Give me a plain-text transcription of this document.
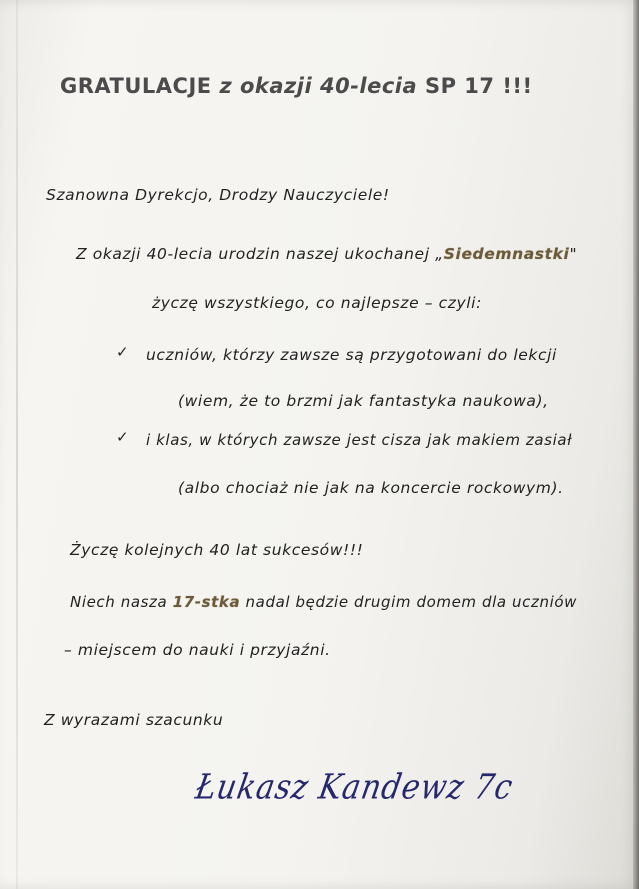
GRATULACJE z okazji 40-lecia SP 17 !!!
Szanowna Dyrekcjo, Drodzy Nauczyciele!
Z okazji 40-lecia urodzin naszej ukochanej „Siedemnastki"
życzę wszystkiego, co najlepsze – czyli:
✓ uczniów, którzy zawsze są przygotowani do lekcji
(wiem, że to brzmi jak fantastyka naukowa),
✓ i klas, w których zawsze jest cisza jak makiem zasiał
(albo chociaż nie jak na koncercie rockowym).
Życzę kolejnych 40 lat sukcesów!!!
Niech nasza 17-stka nadal będzie drugim domem dla uczniów
– miejscem do nauki i przyjaźni.
Z wyrazami szacunku
Łukasz Kandewz 7c
